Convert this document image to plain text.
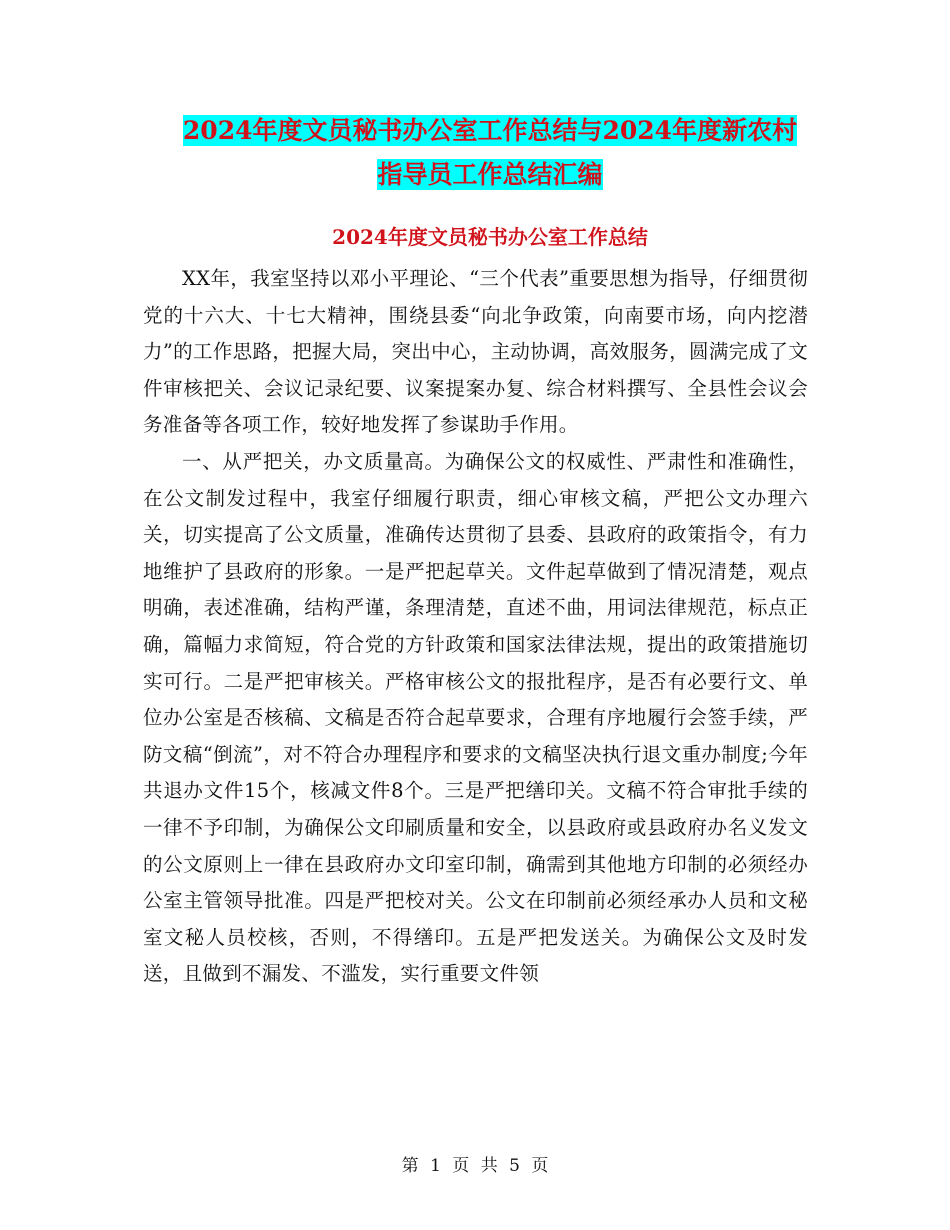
2024年度文员秘书办公室工作总结与2024年度新农村
指导员工作总结汇编
2024年度文员秘书办公室工作总结

XX年，我室坚持以邓小平理论、“三个代表”重要思想为指导，仔细贯彻党的十六大、十七大精神，围绕县委“向北争政策，向南要市场，向内挖潜力”的工作思路，把握大局，突出中心，主动协调，高效服务，圆满完成了文件审核把关、会议记录纪要、议案提案办复、综合材料撰写、全县性会议会务准备等各项工作，较好地发挥了参谋助手作用。

一、从严把关，办文质量高。为确保公文的权威性、严肃性和准确性，在公文制发过程中，我室仔细履行职责，细心审核文稿，严把公文办理六关，切实提高了公文质量，准确传达贯彻了县委、县政府的政策指令，有力地维护了县政府的形象。一是严把起草关。文件起草做到了情况清楚，观点明确，表述准确，结构严谨，条理清楚，直述不曲，用词法律规范，标点正确，篇幅力求简短，符合党的方针政策和国家法律法规，提出的政策措施切实可行。二是严把审核关。严格审核公文的报批程序，是否有必要行文、单位办公室是否核稿、文稿是否符合起草要求，合理有序地履行会签手续，严防文稿“倒流”，对不符合办理程序和要求的文稿坚决执行退文重办制度;今年共退办文件15个，核减文件8个。三是严把缮印关。文稿不符合审批手续的一律不予印制，为确保公文印刷质量和安全，以县政府或县政府办名义发文的公文原则上一律在县政府办文印室印制，确需到其他地方印制的必须经办公室主管领导批准。四是严把校对关。公文在印制前必须经承办人员和文秘室文秘人员校核，否则，不得缮印。五是严把发送关。为确保公文及时发送，且做到不漏发、不滥发，实行重要文件领

第 1 页 共 5 页
